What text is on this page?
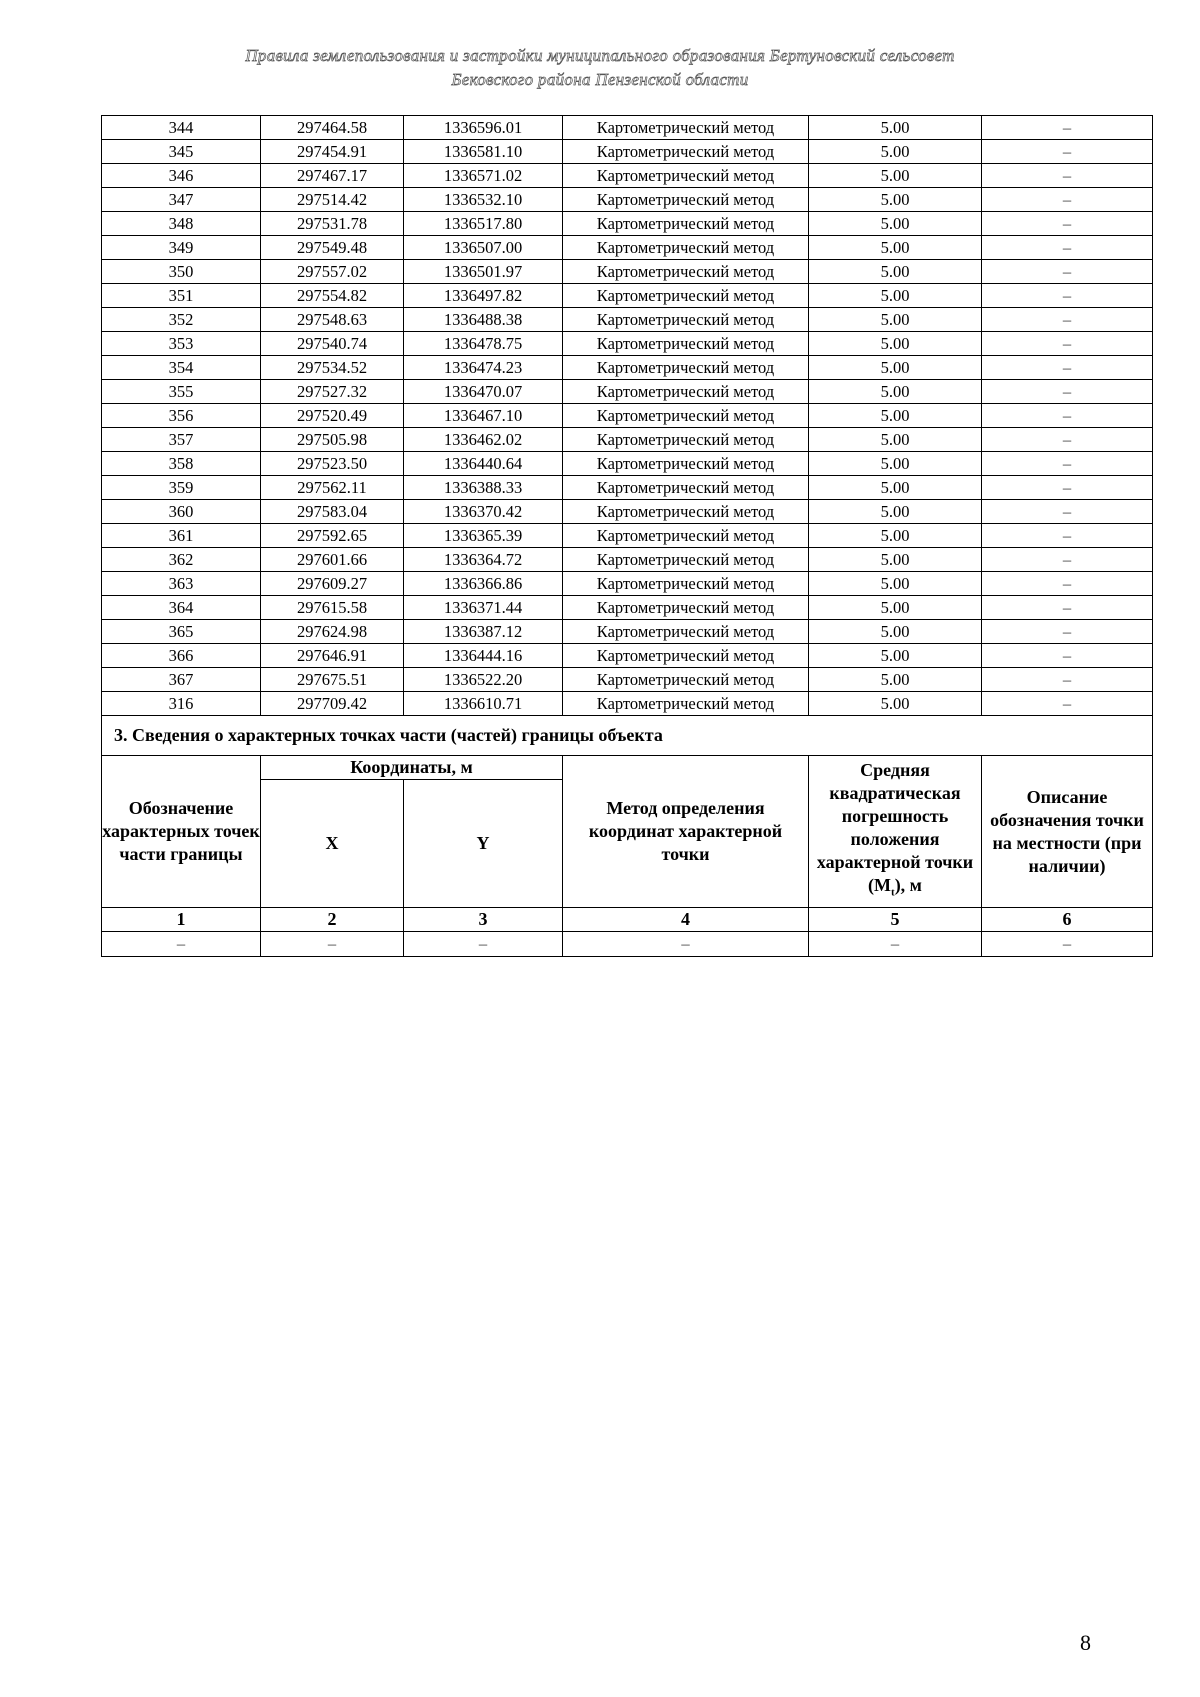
Правила землепользования и застройки муниципального образования Бертуновский сельсовет
Бековского района Пензенской области
344	297464.58	1336596.01	Картометрический метод	5.00	–
345	297454.91	1336581.10	Картометрический метод	5.00	–
346	297467.17	1336571.02	Картометрический метод	5.00	–
347	297514.42	1336532.10	Картометрический метод	5.00	–
348	297531.78	1336517.80	Картометрический метод	5.00	–
349	297549.48	1336507.00	Картометрический метод	5.00	–
350	297557.02	1336501.97	Картометрический метод	5.00	–
351	297554.82	1336497.82	Картометрический метод	5.00	–
352	297548.63	1336488.38	Картометрический метод	5.00	–
353	297540.74	1336478.75	Картометрический метод	5.00	–
354	297534.52	1336474.23	Картометрический метод	5.00	–
355	297527.32	1336470.07	Картометрический метод	5.00	–
356	297520.49	1336467.10	Картометрический метод	5.00	–
357	297505.98	1336462.02	Картометрический метод	5.00	–
358	297523.50	1336440.64	Картометрический метод	5.00	–
359	297562.11	1336388.33	Картометрический метод	5.00	–
360	297583.04	1336370.42	Картометрический метод	5.00	–
361	297592.65	1336365.39	Картометрический метод	5.00	–
362	297601.66	1336364.72	Картометрический метод	5.00	–
363	297609.27	1336366.86	Картометрический метод	5.00	–
364	297615.58	1336371.44	Картометрический метод	5.00	–
365	297624.98	1336387.12	Картометрический метод	5.00	–
366	297646.91	1336444.16	Картометрический метод	5.00	–
367	297675.51	1336522.20	Картометрический метод	5.00	–
316	297709.42	1336610.71	Картометрический метод	5.00	–
3. Сведения о характерных точках части (частей) границы объекта					
Обозначение характерных точек части границы	Координаты, м		Метод определения координат характерной точки	Средняя квадратическая погрешность положения характерной точки $(M_t)$, м	Описание обозначения точки на местности (при наличии)
	X	Y			
1	2	3	4	5	6
–	–	–	–	–	–
8
